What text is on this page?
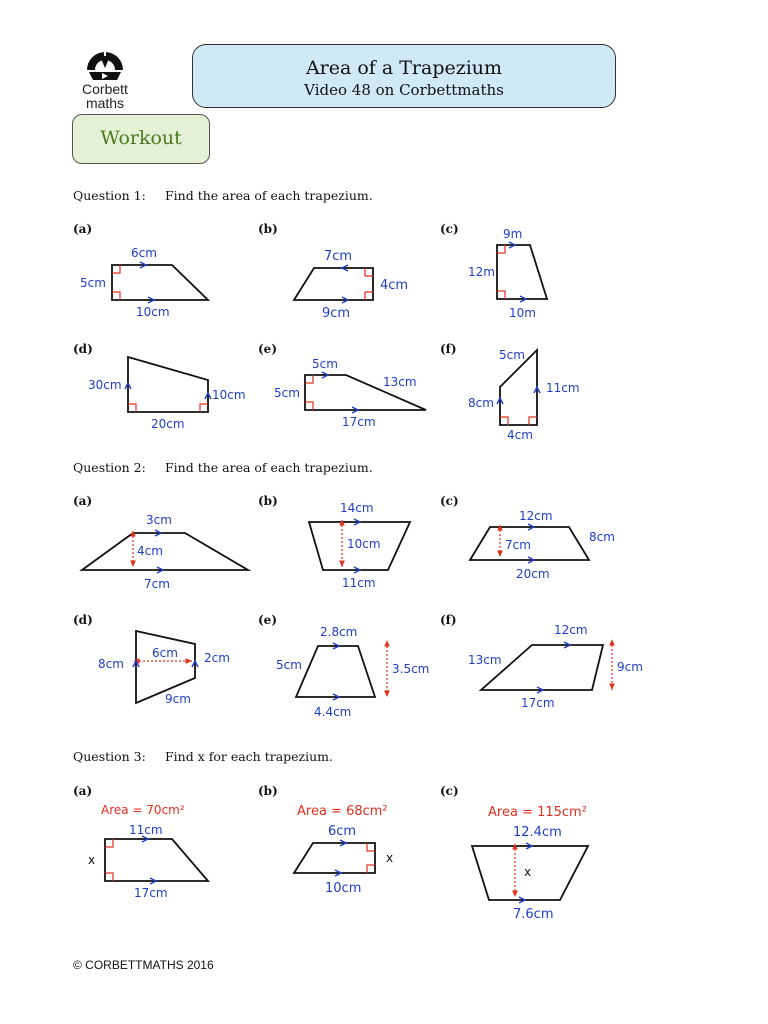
Corbett
maths
Area of a Trapezium
Video 48 on Corbettmaths
Workout
Question 1: Find the area of each trapezium.
Question 2: Find the area of each trapezium.
Question 3: Find x for each trapezium.
(a)	(b)	(c)
(d)	(e)	(f)
(a)	(b)	(c)
(d)	(e)	(f)
(a)	(b)	(c)
6cm
5cm
10cm
7cm
4cm
9cm
9m
12m
10m
30cm
10cm
20cm
5cm
13cm
5cm
17cm
5cm
11cm
8cm
4cm
3cm
4cm
7cm
14cm
10cm
11cm
12cm
8cm
7cm
20cm
6cm
8cm	2cm
9cm
2.8cm
5cm	3.5cm
4.4cm
12cm
13cm	9cm
17cm
Area = 70cm²
11cm
x
17cm
Area = 68cm²
6cm
x
10cm
Area = 115cm²
12.4cm
x
7.6cm
© CORBETTMATHS 2016
